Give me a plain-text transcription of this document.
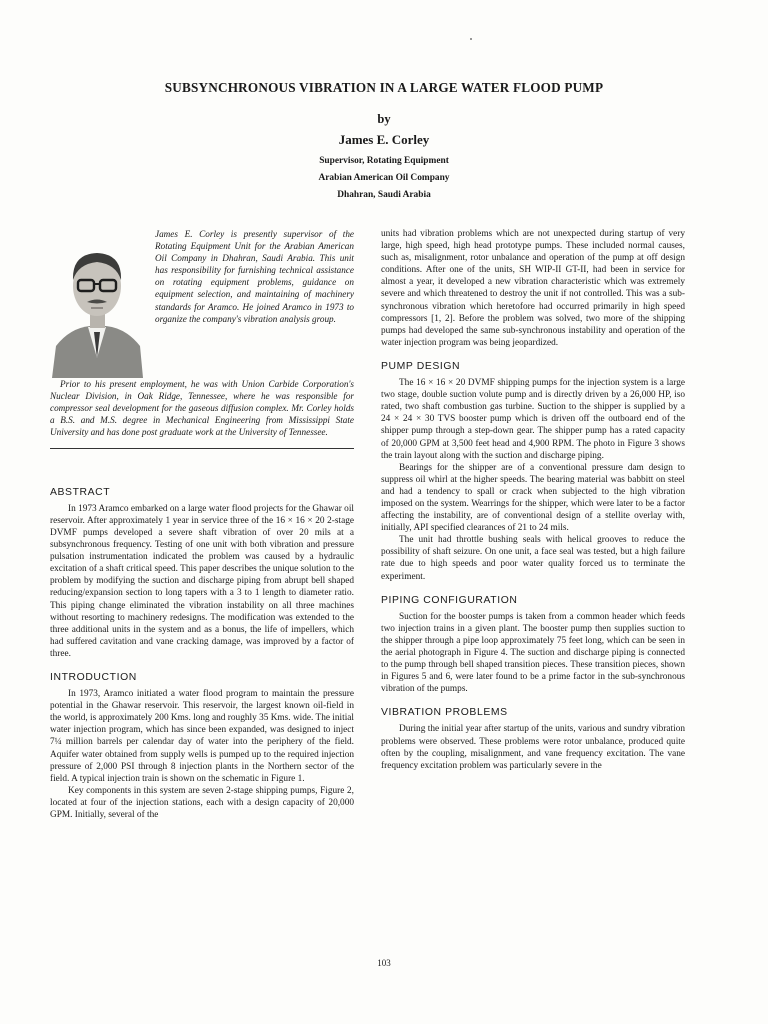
SUBSYNCHRONOUS VIBRATION IN A LARGE WATER FLOOD PUMP
by
James E. Corley
Supervisor, Rotating Equipment
Arabian American Oil Company
Dhahran, Saudi Arabia

James E. Corley is presently supervisor of the Rotating Equipment Unit for the Arabian American Oil Company in Dhahran, Saudi Arabia. This unit has responsibility for furnishing technical assistance on rotating equipment problems, guidance on equipment selection, and maintaining of machinery standards for Aramco. He joined Aramco in 1973 to organize the company's vibration analysis group.

Prior to his present employment, he was with Union Carbide Corporation's Nuclear Division, in Oak Ridge, Tennessee, where he was responsible for compressor seal development for the gaseous diffusion complex. Mr. Corley holds a B.S. and M.S. degree in Mechanical Engineering from Mississippi State University and has done post graduate work at the University of Tennessee.

ABSTRACT

In 1973 Aramco embarked on a large water flood projects for the Ghawar oil reservoir. After approximately 1 year in service three of the 16 × 16 × 20 2-stage DVMF pumps developed a severe shaft vibration of over 20 mils at a subsynchronous frequency. Testing of one unit with both vibration and pressure pulsation instrumentation indicated the problem was caused by a hydraulic excitation of a shaft critical speed. This paper describes the unique solution to the problem by modifying the suction and discharge piping from abrupt bell shaped reducing/expansion section to long tapers with a 3 to 1 length to diameter ratio. This piping change eliminated the vibration instability on all three machines without resorting to machinery redesigns. The modification was extended to the three additional units in the system and as a bonus, the life of impellers, which had suffered cavitation and vane cracking damage, was improved by a factor of three.

INTRODUCTION

In 1973, Aramco initiated a water flood program to maintain the pressure potential in the Ghawar reservoir. This reservoir, the largest known oil-field in the world, is approximately 200 Kms. long and roughly 35 Kms. wide. The initial water injection program, which has since been expanded, was designed to inject 7¼ million barrels per calendar day of water into the periphery of the field. Aquifer water obtained from supply wells is pumped up to the required injection pressure of 2,000 PSI through 8 injection plants in the Northern sector of the field. A typical injection train is shown on the schematic in Figure 1.

Key components in this system are seven 2-stage shipping pumps, Figure 2, located at four of the injection stations, each with a design capacity of 20,000 GPM. Initially, several of the

units had vibration problems which are not unexpected during startup of very large, high speed, high head prototype pumps. These included normal causes, such as, misalignment, rotor unbalance and operation of the pump at off design conditions. After one of the units, SH WIP-II GT-II, had been in service for almost a year, it developed a new vibration characteristic which was extremely severe and which threatened to destroy the unit if not controlled. This was a sub-synchronous vibration which heretofore had occurred primarily in high speed compressors [1, 2]. Before the problem was solved, two more of the shipping pumps had developed the same sub-synchronous instability and operation of the water injection program was being jeopardized.

PUMP DESIGN

The 16 × 16 × 20 DVMF shipping pumps for the injection system is a large two stage, double suction volute pump and is directly driven by a 26,000 HP, iso rated, two shaft combustion gas turbine. Suction to the shipper is supplied by a 24 × 24 × 30 TVS booster pump which is driven off the outboard end of the shipper pump through a step-down gear. The shipper pump has a rated capacity of 20,000 GPM at 3,500 feet head and 4,900 RPM. The photo in Figure 3 shows the train layout along with the suction and discharge piping.

Bearings for the shipper are of a conventional pressure dam design to suppress oil whirl at the higher speeds. The bearing material was babbitt on steel and had a tendency to spall or crack when subjected to the high vibration imposed on the system. Wearrings for the shipper, which were later to be a factor affecting the instability, are of conventional design of a stellite overlay with, initially, API specified clearances of 21 to 24 mils.

The unit had throttle bushing seals with helical grooves to reduce the possibility of shaft seizure. On one unit, a face seal was tested, but a high failure rate due to high speeds and poor water quality forced us to terminate the experiment.

PIPING CONFIGURATION

Suction for the booster pumps is taken from a common header which feeds two injection trains in a given plant. The booster pump then supplies suction to the shipper through a pipe loop approximately 75 feet long, which can be seen in the aerial photograph in Figure 4. The suction and discharge piping is connected to the pump through bell shaped transition pieces. These transition pieces, shown in Figures 5 and 6, were later found to be a prime factor in the sub-synchronous vibration of the pumps.

VIBRATION PROBLEMS

During the initial year after startup of the units, various and sundry vibration problems were observed. These problems were rotor unbalance, produced quite often by the coupling, misalignment, and vane frequency excitation. The vane frequency excitation problem was particularly severe in the

103
